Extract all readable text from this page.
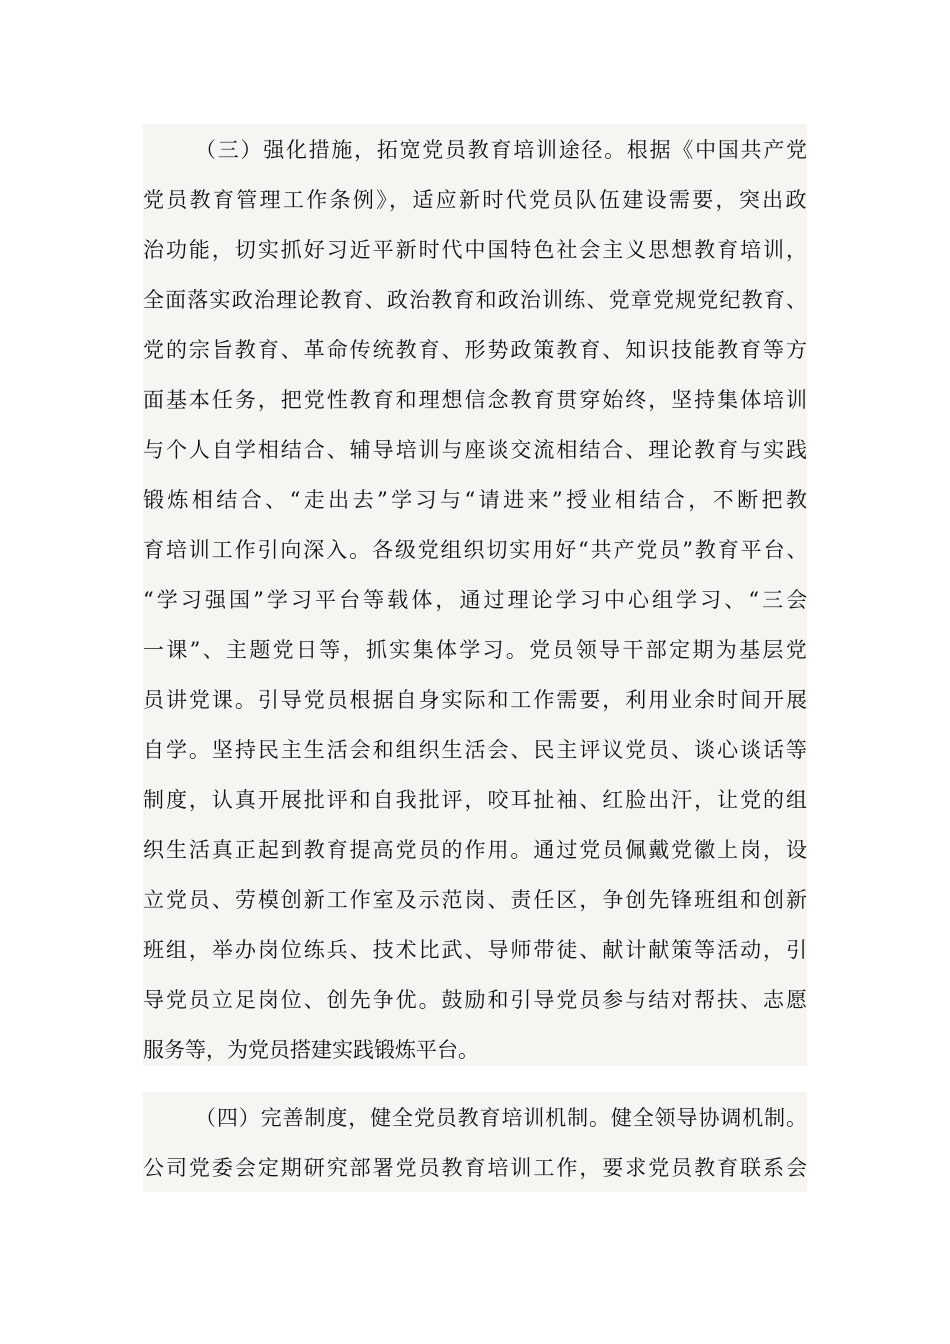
（三）强化措施，拓宽党员教育培训途径。根据《中国共产党
党员教育管理工作条例》，适应新时代党员队伍建设需要，突出政
治功能，切实抓好习近平新时代中国特色社会主义思想教育培训，
全面落实政治理论教育、政治教育和政治训练、党章党规党纪教育、
党的宗旨教育、革命传统教育、形势政策教育、知识技能教育等方
面基本任务，把党性教育和理想信念教育贯穿始终，坚持集体培训
与个人自学相结合、辅导培训与座谈交流相结合、理论教育与实践
锻炼相结合、“走出去”学习与“请进来”授业相结合，不断把教
育培训工作引向深入。各级党组织切实用好“共产党员”教育平台、
“学习强国”学习平台等载体，通过理论学习中心组学习、“三会
一课”、主题党日等，抓实集体学习。党员领导干部定期为基层党
员讲党课。引导党员根据自身实际和工作需要，利用业余时间开展
自学。坚持民主生活会和组织生活会、民主评议党员、谈心谈话等
制度，认真开展批评和自我批评，咬耳扯袖、红脸出汗，让党的组
织生活真正起到教育提高党员的作用。通过党员佩戴党徽上岗，设
立党员、劳模创新工作室及示范岗、责任区，争创先锋班组和创新
班组，举办岗位练兵、技术比武、导师带徒、献计献策等活动，引
导党员立足岗位、创先争优。鼓励和引导党员参与结对帮扶、志愿
服务等，为党员搭建实践锻炼平台。
（四）完善制度，健全党员教育培训机制。健全领导协调机制。
公司党委会定期研究部署党员教育培训工作，要求党员教育联系会
